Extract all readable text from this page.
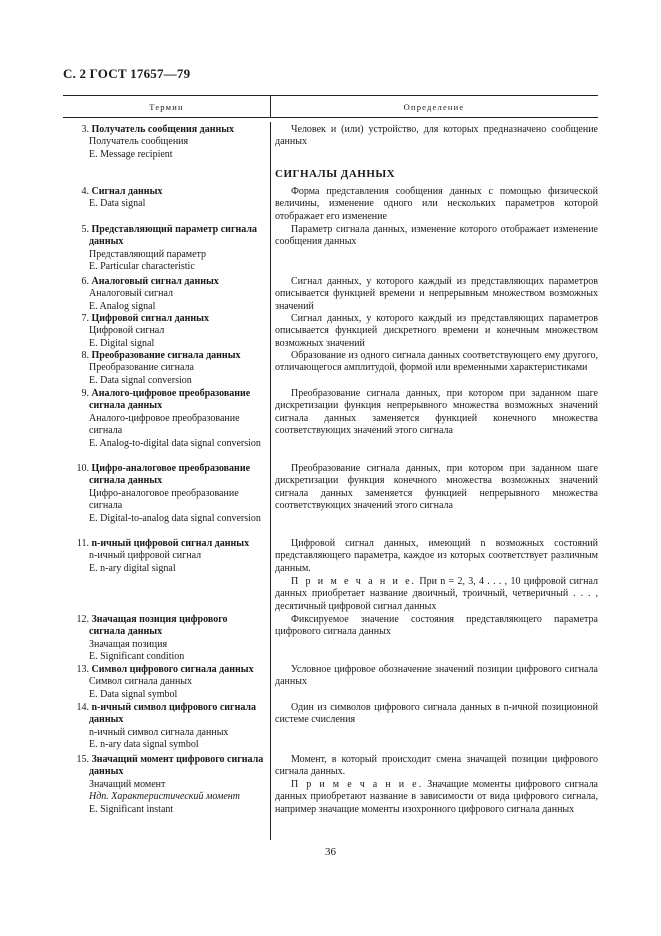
С. 2 ГОСТ 17657—79
Термин	Определение
3. Получатель сообщения данных
Получатель сообщения
E. Message recipient
4. Сигнал данных
E. Data signal
5. Представляющий параметр сигнала данных
Представляющий параметр
E. Particular characteristic
6. Аналоговый сигнал данных
Аналоговый сигнал
E. Analog signal
7. Цифровой сигнал данных
Цифровой сигнал
E. Digital signal
8. Преобразование сигнала данных
Преобразование сигнала
E. Data signal conversion
9. Аналого-цифровое преобразование сигнала данных
Аналого-цифровое преобразование сигнала
E. Analog-to-digital data signal conversion
10. Цифро-аналоговое преобразование сигнала данных
Цифро-аналоговое преобразование сигнала
E. Digital-to-analog data signal conversion
11. n-ичный цифровой сигнал данных
n-ичный цифровой сигнал
E. n-ary digital signal
12. Значащая позиция цифрового сигнала данных
Значащая позиция
E. Significant condition
13. Символ цифрового сигнала данных
Символ сигнала данных
E. Data signal symbol
14. n-ичный символ цифрового сигнала данных
n-ичный символ сигнала данных
E. n-ary data signal symbol
15. Значащий момент цифрового сигнала данных
Значащий момент
Ндп. Характеристический момент
E. Significant instant
Человек и (или) устройство, для которых предназначено сообщение данных
СИГНАЛЫ ДАННЫХ
Форма представления сообщения данных с помощью физической величины, изменение одного или нескольких параметров которой отображает его изменение
Параметр сигнала данных, изменение которого отображает изменение сообщения данных
Сигнал данных, у которого каждый из представляющих параметров описывается функцией времени и непрерывным множеством возможных значений
Сигнал данных, у которого каждый из представляющих параметров описывается функцией дискретного времени и конечным множеством возможных значений
Образование из одного сигнала данных соответствующего ему другого, отличающегося амплитудой, формой или временными характеристиками
Преобразование сигнала данных, при котором при заданном шаге дискретизации функция непрерывного множества возможных значений сигнала данных заменяется функцией конечного множества соответствующих значений этого сигнала
Преобразование сигнала данных, при котором при заданном шаге дискретизации функция конечного множества возможных значений сигнала данных заменяется функцией непрерывного множества соответствующих значений этого сигнала
Цифровой сигнал данных, имеющий n возможных состояний представляющего параметра, каждое из которых соответствует различным данным.
П р и м е ч а н и е. При n = 2, 3, 4 . . . , 10 цифровой сигнал данных приобретает название двоичный, троичный, четверичный . . . , десятичный цифровой сигнал данных
Фиксируемое значение состояния представляющего параметра цифрового сигнала данных
Условное цифровое обозначение значений позиции цифрового сигнала данных
Один из символов цифрового сигнала данных в n-ичной позиционной системе счисления
Момент, в который происходит смена значащей позиции цифрового сигнала данных.
П р и м е ч а н и е. Значащие моменты цифрового сигнала данных приобретают название в зависимости от вида цифрового сигнала, например значащие моменты изохронного цифрового сигнала данных
36
